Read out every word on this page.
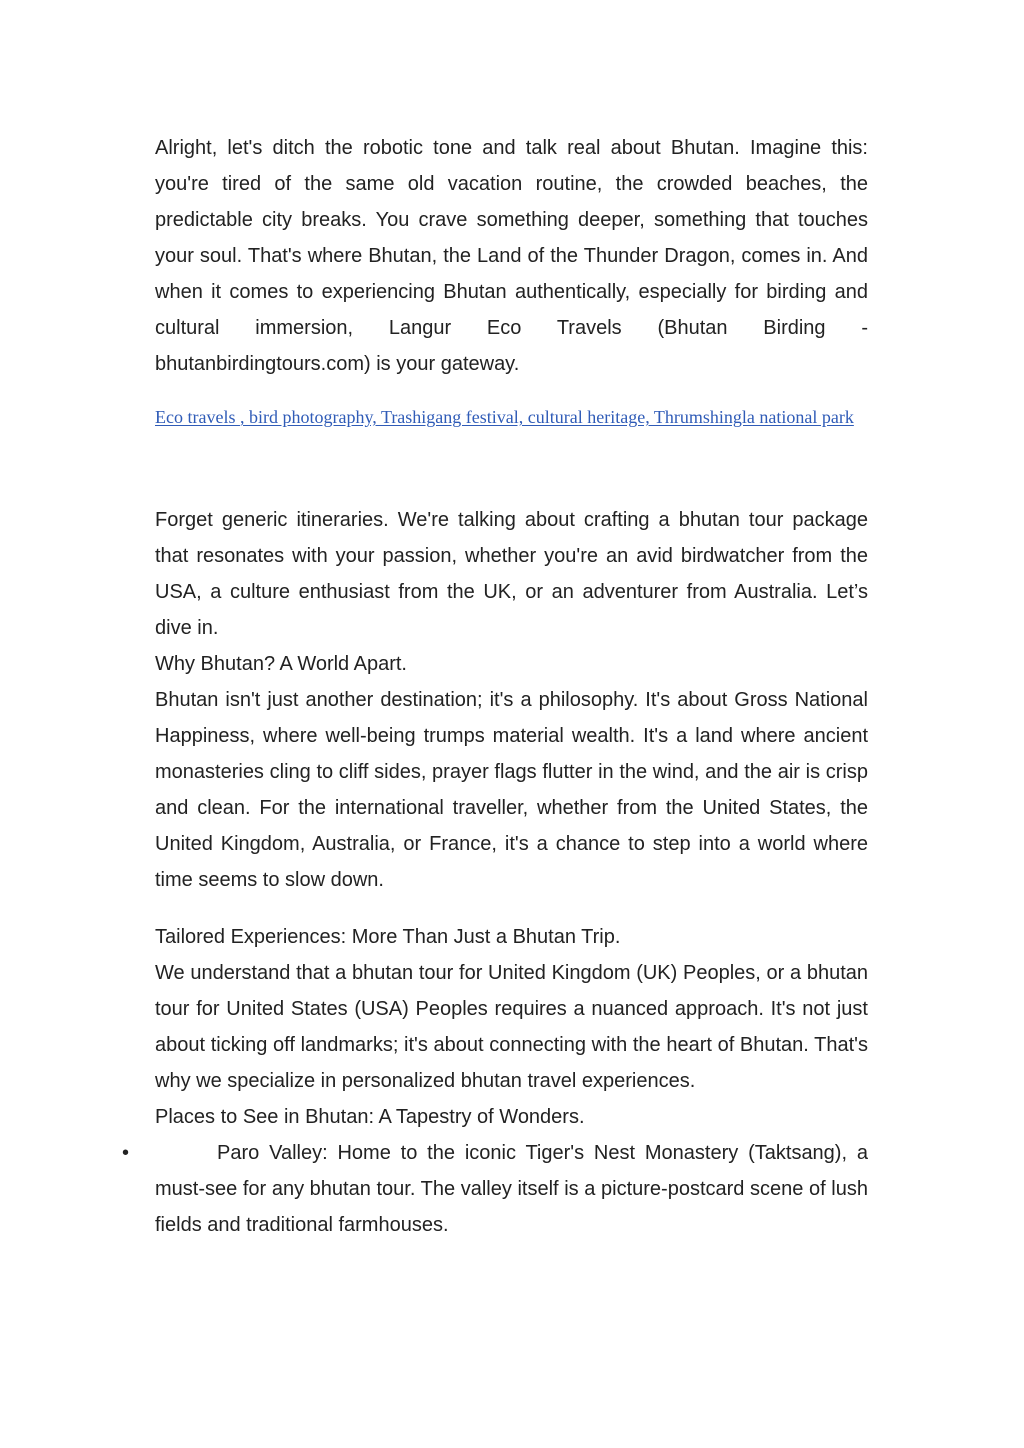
Alright, let's ditch the robotic tone and talk real about Bhutan. Imagine this: you're tired of the same old vacation routine, the crowded beaches, the predictable city breaks. You crave something deeper, something that touches your soul. That's where Bhutan, the Land of the Thunder Dragon, comes in. And when it comes to experiencing Bhutan authentically, especially for birding and cultural immersion, Langur Eco Travels (Bhutan Birding - bhutanbirdingtours.com) is your gateway.

Eco travels , bird photography, Trashigang festival, cultural heritage, Thrumshingla national park

Forget generic itineraries. We're talking about crafting a bhutan tour package that resonates with your passion, whether you're an avid birdwatcher from the USA, a culture enthusiast from the UK, or an adventurer from Australia. Let’s dive in.

Why Bhutan? A World Apart.

Bhutan isn't just another destination; it's a philosophy. It's about Gross National Happiness, where well-being trumps material wealth. It's a land where ancient monasteries cling to cliff sides, prayer flags flutter in the wind, and the air is crisp and clean. For the international traveller, whether from the United States, the United Kingdom, Australia, or France, it's a chance to step into a world where time seems to slow down.

Tailored Experiences: More Than Just a Bhutan Trip.

We understand that a bhutan tour for United Kingdom (UK) Peoples, or a bhutan tour for United States (USA) Peoples requires a nuanced approach. It's not just about ticking off landmarks; it's about connecting with the heart of Bhutan. That's why we specialize in personalized bhutan travel experiences.

Places to See in Bhutan: A Tapestry of Wonders.

•	Paro Valley: Home to the iconic Tiger's Nest Monastery (Taktsang), a must-see for any bhutan tour. The valley itself is a picture-postcard scene of lush fields and traditional farmhouses.
